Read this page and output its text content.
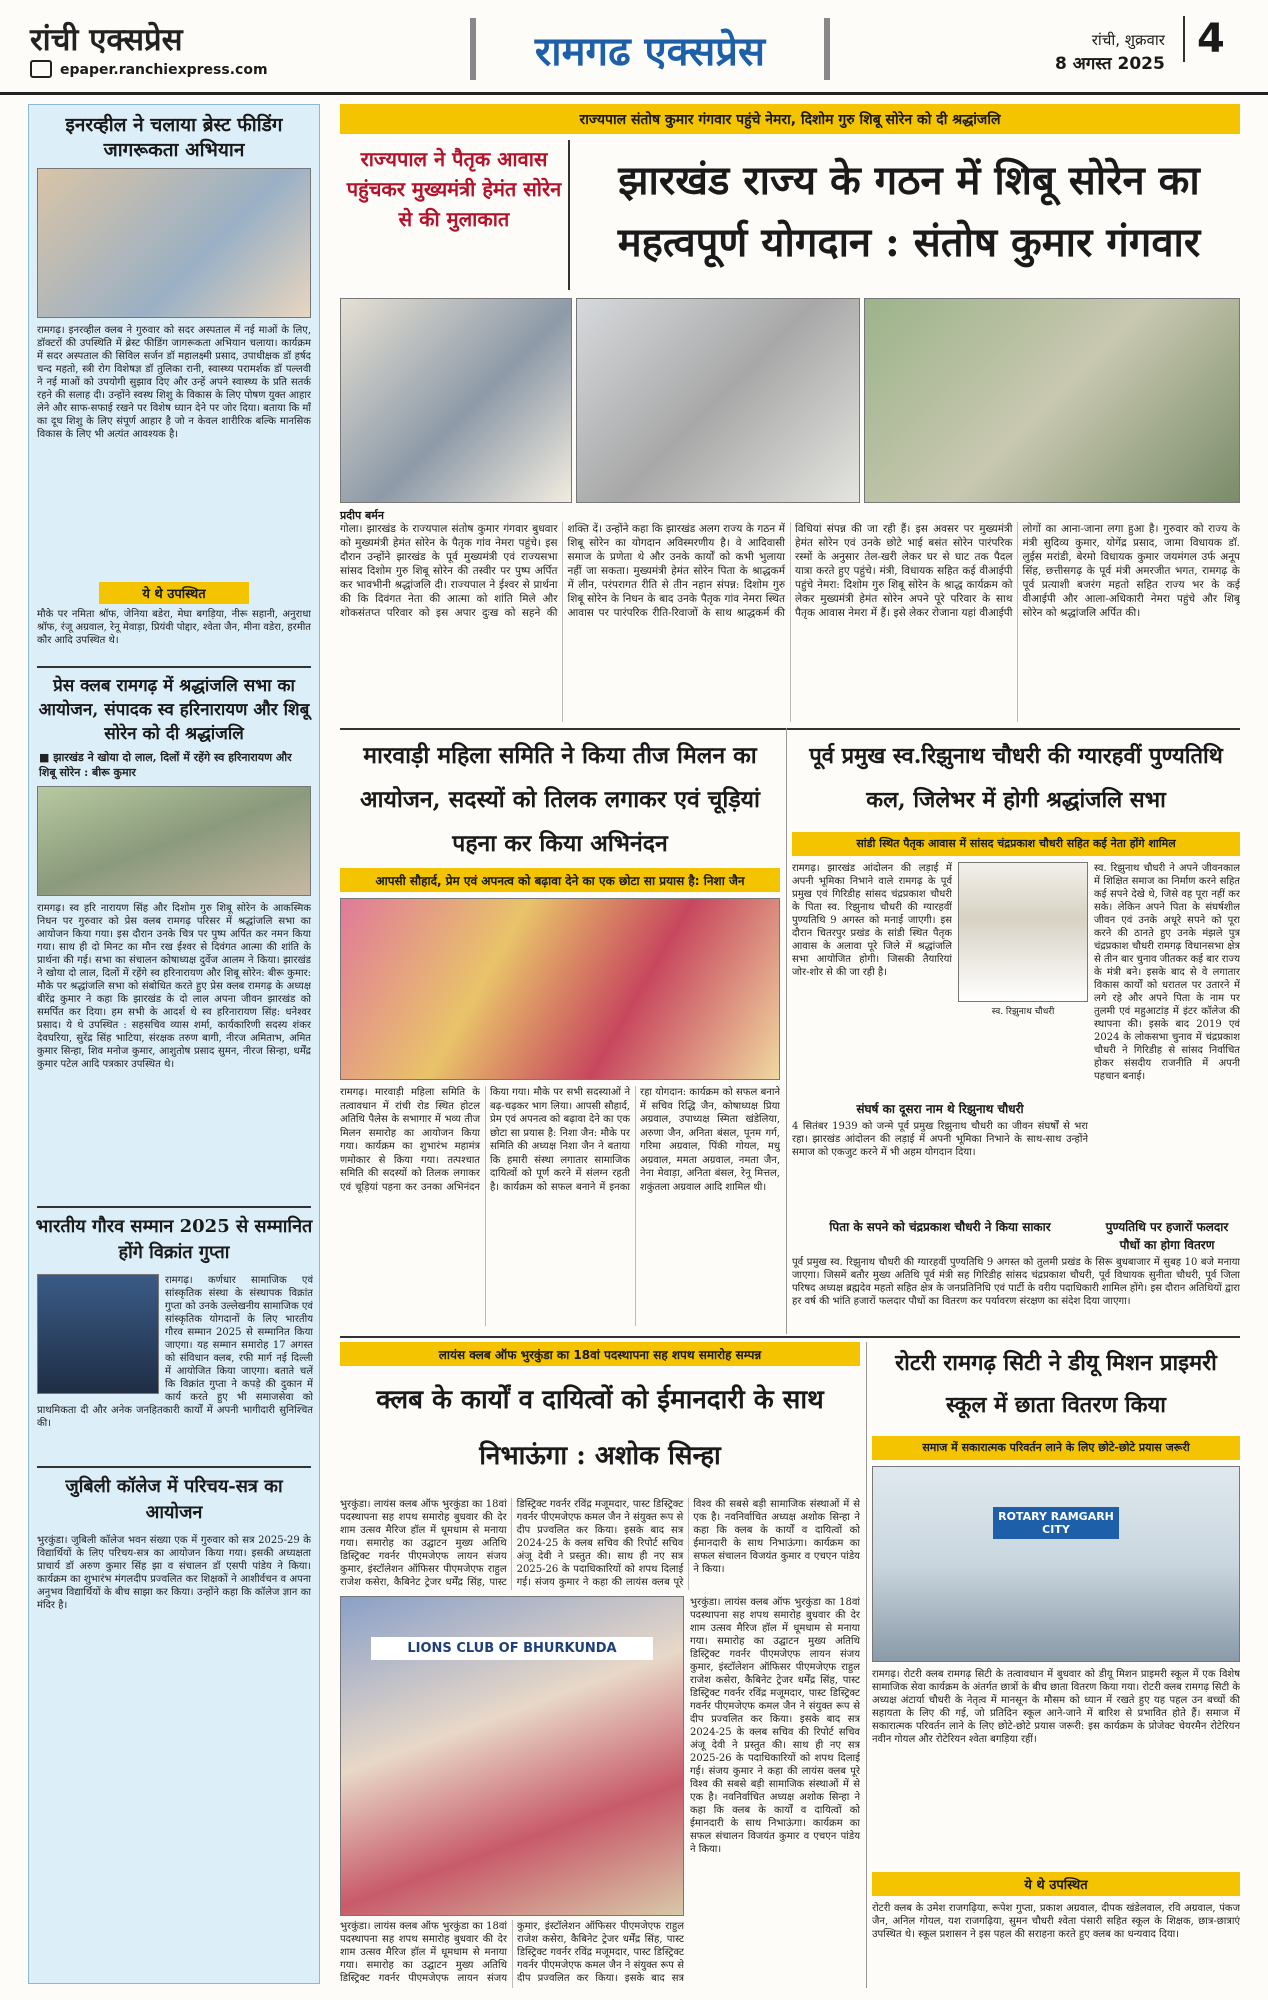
रांची एक्सप्रेस
epaper.ranchiexpress.com	रामगढ एक्सप्रेस	रांची, शुक्रवार
8 अगस्त 2025
4
इनरव्हील ने चलाया ब्रेस्ट फीडिंग जागरूकता अभियान
रामगढ़। इनरव्हील क्लब ने गुरुवार को सदर अस्पताल में नई माओं के लिए, डॉक्टरों की उपस्थिति में ब्रेस्ट फीडिंग जागरूकता अभियान चलाया। कार्यक्रम में सदर अस्पताल की सिविल सर्जन डॉ महालक्ष्मी प्रसाद, उपाधीक्षक डॉ हर्षद चन्द महतो, स्त्री रोग विशेषज्ञ डॉ तुलिका रानी, स्वास्थ्य परामर्शक डॉ पल्लवी ने नई माओं को उपयोगी सुझाव दिए और उन्हें अपने स्वास्थ्य के प्रति सतर्क रहने की सलाह दी। उन्होंने स्वस्थ शिशु के विकास के लिए पोषण युक्त आहार लेने और साफ-सफाई रखने पर विशेष ध्यान देने पर जोर दिया। बताया कि माँ का दूध शिशु के लिए संपूर्ण आहार है जो न केवल शारीरिक बल्कि मानसिक विकास के लिए भी अत्यंत आवश्यक है।
ये थे उपस्थित
मौके पर नमिता श्रॉफ, जेनिया बडेरा, मेघा बगड़िया, नीरू सहानी, अनुराधा श्रॉफ, रंजू अग्रवाल, रेनू मेवाड़ा, प्रियंवी पोद्दार, श्वेता जैन, मीना वडेरा, हरमीत कौर आदि उपस्थित थे।
प्रेस क्लब रामगढ़ में श्रद्धांजलि सभा का आयोजन, संपादक स्व हरिनारायण और शिबू सोरेन को दी श्रद्धांजलि
■ झारखंड ने खोया दो लाल, दिलों में रहेंगे स्व हरिनारायण और शिबू सोरेन : बीरू कुमार
रामगढ़। स्व हरि नारायण सिंह और दिशोम गुरु शिबू सोरेन के आकस्मिक निधन पर गुरुवार को प्रेस क्लब रामगढ़ परिसर में श्रद्धांजलि सभा का आयोजन किया गया। इस दौरान उनके चित्र पर पुष्प अर्पित कर नमन किया गया। साथ ही दो मिनट का मौन रख ईश्वर से दिवंगत आत्मा की शांति के प्रार्थना की गई। सभा का संचालन कोषाध्यक्ष दुर्वेज आलम ने किया। झारखंड ने खोया दो लाल, दिलों में रहेंगे स्व हरिनारायण और शिबू सोरेन: बीरू कुमार: मौके पर श्रद्धांजलि सभा को संबोधित करते हुए प्रेस क्लब रामगढ़ के अध्यक्ष बीरेंद्र कुमार ने कहा कि झारखंड के दो लाल अपना जीवन झारखंड को समर्पित कर दिया। हम सभी के आदर्श थे स्व हरिनारायण सिंह: धनेश्वर प्रसाद। ये थे उपस्थित : सहसचिव व्यास शर्मा, कार्यकारिणी सदस्य शंकर देवघरिया, सुरेंद्र सिंह भाटिया, संरक्षक तरुण बागी, नीरज अमिताभ, अमित कुमार सिन्हा, शिव मनोज कुमार, आशुतोष प्रसाद सुमन, नीरज सिन्हा, धर्मेंद्र कुमार पटेल आदि पत्रकार उपस्थित थे।
भारतीय गौरव सम्मान 2025 से सम्मानित होंगे विक्रांत गुप्ता
रामगढ़। कर्णधार सामाजिक एवं सांस्कृतिक संस्था के संस्थापक विक्रांत गुप्ता को उनके उल्लेखनीय सामाजिक एवं सांस्कृतिक योगदानों के लिए भारतीय गौरव सम्मान 2025 से सम्मानित किया जाएगा। यह सम्मान समारोह 17 अगस्त को संविधान क्लब, रफी मार्ग नई दिल्ली में आयोजित किया जाएगा। बताते चलें कि विक्रांत गुप्ता ने कपड़े की दुकान में कार्य करते हुए भी समाजसेवा को प्राथमिकता दी और अनेक जनहितकारी कार्यों में अपनी भागीदारी सुनिश्चित की।
जुबिली कॉलेज में परिचय-सत्र का आयोजन
भुरकुंडा। जुबिली कॉलेज भवन संख्या एक में गुरुवार को सत्र 2025-29 के विद्यार्थियों के लिए परिचय-सत्र का आयोजन किया गया। इसकी अध्यक्षता प्राचार्य डॉ अरुण कुमार सिंह झा व संचालन डॉ एसपी पांडेय ने किया। कार्यक्रम का शुभारंभ मंगलदीप प्रज्वलित कर शिक्षकों ने आशीर्वचन व अपना अनुभव विद्यार्थियों के बीच साझा कर किया। उन्होंने कहा कि कॉलेज ज्ञान का मंदिर है।
राज्यपाल संतोष कुमार गंगवार पहुंचे नेमरा, दिशोम गुरु शिबू सोरेन को दी श्रद्धांजलि
राज्यपाल ने पैतृक आवास पहुंचकर मुख्यमंत्री हेमंत सोरेन से की मुलाकात
झारखंड राज्य के गठन में शिबू सोरेन का महत्वपूर्ण योगदान : संतोष कुमार गंगवार
प्रदीप बर्मन
गोला। झारखंड के राज्यपाल संतोष कुमार गंगवार बुधवार को मुख्यमंत्री हेमंत सोरेन के पैतृक गांव नेमरा पहुंचे। इस दौरान उन्होंने झारखंड के पूर्व मुख्यमंत्री एवं राज्यसभा सांसद दिशोम गुरु शिबू सोरेन की तस्वीर पर पुष्प अर्पित कर भावभीनी श्रद्धांजलि दी। राज्यपाल ने ईश्वर से प्रार्थना की कि दिवंगत नेता की आत्मा को शांति मिले और शोकसंतप्त परिवार को इस अपार दुःख को सहने की शक्ति दें। उन्होंने कहा कि झारखंड अलग राज्य के गठन में शिबू सोरेन का योगदान अविस्मरणीय है। वे आदिवासी समाज के प्रणेता थे और उनके कार्यों को कभी भुलाया नहीं जा सकता। मुख्यमंत्री हेमंत सोरेन पिता के श्राद्धकर्म में लीन, परंपरागत रीति से तीन नहान संपन्न: दिशोम गुरु शिबू सोरेन के निधन के बाद उनके पैतृक गांव नेमरा स्थित आवास पर पारंपरिक रीति-रिवाजों के साथ श्राद्धकर्म की विधियां संपन्न की जा रही हैं। इस अवसर पर मुख्यमंत्री हेमंत सोरेन एवं उनके छोटे भाई बसंत सोरेन पारंपरिक रस्मों के अनुसार तेल-खरी लेकर घर से घाट तक पैदल यात्रा करते हुए पहुंचे। मंत्री, विधायक सहित कई वीआईपी पहुंचे नेमरा: दिशोम गुरु शिबू सोरेन के श्राद्ध कार्यक्रम को लेकर मुख्यमंत्री हेमंत सोरेन अपने पूरे परिवार के साथ पैतृक आवास नेमरा में हैं। इसे लेकर रोजाना यहां वीआईपी लोगों का आना-जाना लगा हुआ है। गुरुवार को राज्य के मंत्री सुदिव्य कुमार, योगेंद्र प्रसाद, जामा विधायक डॉ. लुईस मरांडी, बेरमो विधायक कुमार जयमंगल उर्फ अनूप सिंह, छत्तीसगढ़ के पूर्व मंत्री अमरजीत भगत, रामगढ़ के पूर्व प्रत्याशी बजरंग महतो सहित राज्य भर के कई वीआईपी और आला-अधिकारी नेमरा पहुंचे और शिबू सोरेन को श्रद्धांजलि अर्पित की।
मारवाड़ी महिला समिति ने किया तीज मिलन का आयोजन, सदस्यों को तिलक लगाकर एवं चूड़ियां पहना कर किया अभिनंदन
आपसी सौहार्द, प्रेम एवं अपनत्व को बढ़ावा देने का एक छोटा सा प्रयास है: निशा जैन
रामगढ़। मारवाड़ी महिला समिति के तत्वावधान में रांची रोड स्थित होटल अतिथि पैलेस के सभागार में भव्य तीज मिलन समारोह का आयोजन किया गया। कार्यक्रम का शुभारंभ महामंत्र णमोकार से किया गया। तत्पश्चात समिति की सदस्यों को तिलक लगाकर एवं चूड़ियां पहना कर उनका अभिनंदन किया गया। मौके पर सभी सदस्याओं ने बढ़-चढ़कर भाग लिया। आपसी सौहार्द, प्रेम एवं अपनत्व को बढ़ावा देने का एक छोटा सा प्रयास है: निशा जैन: मौके पर समिति की अध्यक्ष निशा जैन ने बताया कि हमारी संस्था लगातार सामाजिक दायित्वों को पूर्ण करने में संलग्न रहती है। कार्यक्रम को सफल बनाने में इनका रहा योगदान: कार्यक्रम को सफल बनाने में सचिव रिद्धि जैन, कोषाध्यक्ष प्रिया अग्रवाल, उपाध्यक्ष स्मिता खंडेलिया, अरुणा जैन, अनिता बंसल, पूनम गर्ग, गरिमा अग्रवाल, पिंकी गोयल, मधु अग्रवाल, ममता अग्रवाल, नमता जैन, नेना मेवाड़ा, अनिता बंसल, रेनू मित्तल, शकुंतला अग्रवाल आदि शामिल थी।
पूर्व प्रमुख स्व.रिझुनाथ चौधरी की ग्यारहवीं पुण्यतिथि कल, जिलेभर में होगी श्रद्धांजलि सभा
सांडी स्थित पैतृक आवास में सांसद चंद्रप्रकाश चौधरी सहित कई नेता होंगे शामिल
रामगढ़। झारखंड आंदोलन की लड़ाई में अपनी भूमिका निभाने वाले रामगढ़ के पूर्व प्रमुख एवं गिरिडीह सांसद चंद्रप्रकाश चौधरी के पिता स्व. रिझुनाथ चौधरी की ग्यारहवीं पुण्यतिथि 9 अगस्त को मनाई जाएगी। इस दौरान चितरपुर प्रखंड के सांडी स्थित पैतृक आवास के अलावा पूरे जिले में श्रद्धांजलि सभा आयोजित होगी। जिसकी तैयारियां जोर-शोर से की जा रही है।
स्व. रिझुनाथ चौधरी
स्व. रिझुनाथ चौधरी ने अपने जीवनकाल में शिक्षित समाज का निर्माण करने सहित कई सपने देखे थे, जिसे वह पूरा नहीं कर सके। लेकिन अपने पिता के संघर्षशील जीवन एवं उनके अधूरे सपने को पूरा करने की ठानते हुए उनके मंझले पुत्र चंद्रप्रकाश चौधरी रामगढ़ विधानसभा क्षेत्र से तीन बार चुनाव जीतकर कई बार राज्य के मंत्री बने। इसके बाद से वे लगातार विकास कार्यों को धरातल पर उतारने में लगे रहे और अपने पिता के नाम पर तुलमी एवं महुआटांड़ में इंटर कॉलेज की स्थापना की। इसके बाद 2019 एवं 2024 के लोकसभा चुनाव में चंद्रप्रकाश चौधरी ने गिरिडीह से सांसद निर्वाचित होकर संसदीय राजनीति में अपनी पहचान बनाई।
संघर्ष का दूसरा नाम थे रिझुनाथ चौधरी
4 सितंबर 1939 को जन्मे पूर्व प्रमुख रिझुनाथ चौधरी का जीवन संघर्षों से भरा रहा। झारखंड आंदोलन की लड़ाई में अपनी भूमिका निभाने के साथ-साथ उन्होंने समाज को एकजुट करने में भी अहम योगदान दिया।
पिता के सपने को चंद्रप्रकाश चौधरी ने किया साकार	पुण्यतिथि पर हजारों फलदार पौधों का होगा वितरण
पूर्व प्रमुख स्व. रिझुनाथ चौधरी की ग्यारहवीं पुण्यतिथि 9 अगस्त को तुलमी प्रखंड के सिरू बुधबाजार में सुबह 10 बजे मनाया जाएगा। जिसमें बतौर मुख्य अतिथि पूर्व मंत्री सह गिरिडीह सांसद चंद्रप्रकाश चौधरी, पूर्व विधायक सुनीता चौधरी, पूर्व जिला परिषद अध्यक्ष ब्रह्मदेव महतो सहित क्षेत्र के जनप्रतिनिधि एवं पार्टी के वरीय पदाधिकारी शामिल होंगे। इस दौरान अतिथियों द्वारा हर वर्ष की भांति हजारों फलदार पौधों का वितरण कर पर्यावरण संरक्षण का संदेश दिया जाएगा।
लायंस क्लब ऑफ भुरकुंडा का 18वां पदस्थापना सह शपथ समारोह सम्पन्न
क्लब के कार्यों व दायित्वों को ईमानदारी के साथ निभाऊंगा : अशोक सिन्हा
LIONS CLUB OF BHURKUNDA
भुरकुंडा। लायंस क्लब ऑफ भुरकुंडा का 18वां पदस्थापना सह शपथ समारोह बुधवार की देर शाम उत्सव मैरिज हॉल में धूमधाम से मनाया गया। समारोह का उद्घाटन मुख्य अतिथि डिस्ट्रिक्ट गवर्नर पीएमजेएफ लायन संजय कुमार, इंस्टॉलेशन ऑफिसर पीएमजेएफ राहुल राजेश कसेरा, कैबिनेट ट्रेजर धर्मेंद्र सिंह, पास्ट डिस्ट्रिक्ट गवर्नर रविंद्र मजूमदार, पास्ट डिस्ट्रिक्ट गवर्नर पीएमजेएफ कमल जैन ने संयुक्त रूप से दीप प्रज्वलित कर किया। इसके बाद सत्र 2024-25 के क्लब सचिव की रिपोर्ट सचिव अंजू देवी ने प्रस्तुत की। साथ ही नए सत्र 2025-26 के पदाधिकारियों को शपथ दिलाई गई। संजय कुमार ने कहा की लायंस क्लब पूरे विश्व की सबसे बड़ी सामाजिक संस्थाओं में से एक है। नवनिर्वाचित अध्यक्ष अशोक सिन्हा ने कहा कि क्लब के कार्यों व दायित्वों को ईमानदारी के साथ निभाऊंगा। कार्यक्रम का सफल संचालन विजयंत कुमार व एचएन पांडेय ने किया।
भुरकुंडा। लायंस क्लब ऑफ भुरकुंडा का 18वां पदस्थापना सह शपथ समारोह बुधवार की देर शाम उत्सव मैरिज हॉल में धूमधाम से मनाया गया। समारोह का उद्घाटन मुख्य अतिथि डिस्ट्रिक्ट गवर्नर पीएमजेएफ लायन संजय कुमार, इंस्टॉलेशन ऑफिसर पीएमजेएफ राहुल राजेश कसेरा, कैबिनेट ट्रेजर धर्मेंद्र सिंह, पास्ट डिस्ट्रिक्ट गवर्नर रविंद्र मजूमदार, पास्ट डिस्ट्रिक्ट गवर्नर पीएमजेएफ कमल जैन ने संयुक्त रूप से दीप प्रज्वलित कर किया। इसके बाद सत्र 2024-25 के क्लब सचिव की रिपोर्ट सचिव अंजू देवी ने प्रस्तुत की। साथ ही नए सत्र 2025-26 के पदाधिकारियों को शपथ दिलाई गई। संजय कुमार ने कहा की लायंस क्लब पूरे विश्व की सबसे बड़ी सामाजिक संस्थाओं में से एक है। नवनिर्वाचित अध्यक्ष अशोक सिन्हा ने कहा कि क्लब के कार्यों व दायित्वों को ईमानदारी के साथ निभाऊंगा। कार्यक्रम का सफल संचालन विजयंत कुमार व एचएन पांडेय ने किया।
भुरकुंडा। लायंस क्लब ऑफ भुरकुंडा का 18वां पदस्थापना सह शपथ समारोह बुधवार की देर शाम उत्सव मैरिज हॉल में धूमधाम से मनाया गया। समारोह का उद्घाटन मुख्य अतिथि डिस्ट्रिक्ट गवर्नर पीएमजेएफ लायन संजय कुमार, इंस्टॉलेशन ऑफिसर पीएमजेएफ राहुल राजेश कसेरा, कैबिनेट ट्रेजर धर्मेंद्र सिंह, पास्ट डिस्ट्रिक्ट गवर्नर रविंद्र मजूमदार, पास्ट डिस्ट्रिक्ट गवर्नर पीएमजेएफ कमल जैन ने संयुक्त रूप से दीप प्रज्वलित कर किया। इसके बाद सत्र
रोटरी रामगढ़ सिटी ने डीयू मिशन प्राइमरी स्कूल में छाता वितरण किया
समाज में सकारात्मक परिवर्तन लाने के लिए छोटे-छोटे प्रयास जरूरी
ROTARY RAMGARH CITY
रामगढ़। रोटरी क्लब रामगढ़ सिटी के तत्वावधान में बुधवार को डीयू मिशन प्राइमरी स्कूल में एक विशेष सामाजिक सेवा कार्यक्रम के अंतर्गत छात्रों के बीच छाता वितरण किया गया। रोटरी क्लब रामगढ़ सिटी के अध्यक्ष अंटार्या चौधरी के नेतृत्व में मानसून के मौसम को ध्यान में रखते हुए यह पहल उन बच्चों की सहायता के लिए की गई, जो प्रतिदिन स्कूल आने-जाने में बारिश से प्रभावित होते हैं। समाज में सकारात्मक परिवर्तन लाने के लिए छोटे-छोटे प्रयास जरूरी: इस कार्यक्रम के प्रोजेक्ट चेयरमैन रोटेरियन नवीन गोयल और रोटेरियन श्वेता बगड़िया रहीं।
ये थे उपस्थित
रोटरी क्लब के उमेश राजगढ़िया, रूपेश गुप्ता, प्रकाश अग्रवाल, दीपक खंडेलवाल, रवि अग्रवाल, पंकज जैन, अनिल गोयल, यश राजगढ़िया, सुमन चौधरी श्वेता पंसारी सहित स्कूल के शिक्षक, छात्र-छात्राएं उपस्थित थे। स्कूल प्रशासन ने इस पहल की सराहना करते हुए क्लब का धन्यवाद दिया।
